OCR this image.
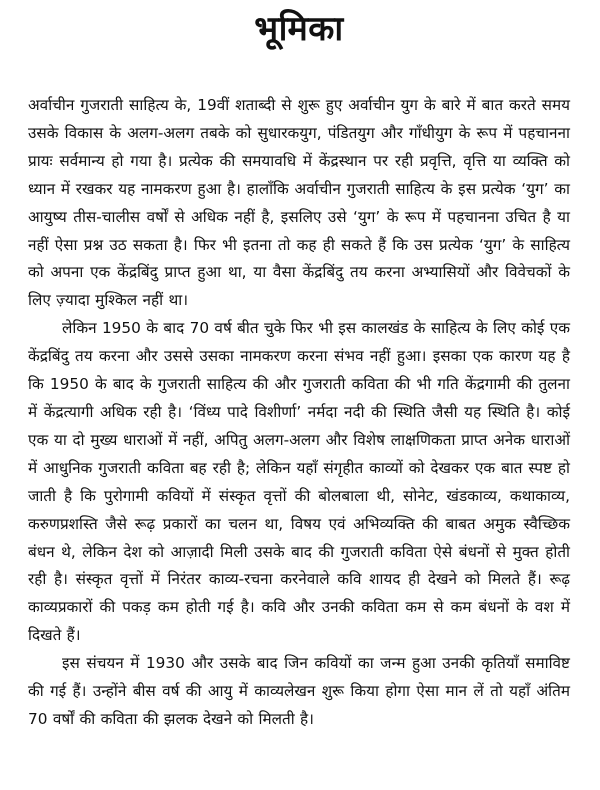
भूमिका

अर्वाचीन गुजराती साहित्य के, 19वीं शताब्दी से शुरू हुए अर्वाचीन युग के बारे में बात करते समय उसके विकास के अलग-अलग तबके को सुधारकयुग, पंडितयुग और गाँधीयुग के रूप में पहचानना प्रायः सर्वमान्य हो गया है। प्रत्येक की समयावधि में केंद्रस्थान पर रही प्रवृत्ति, वृत्ति या व्यक्ति को ध्यान में रखकर यह नामकरण हुआ है। हालाँकि अर्वाचीन गुजराती साहित्य के इस प्रत्येक ‘युग’ का आयुष्य तीस-चालीस वर्षों से अधिक नहीं है, इसलिए उसे ‘युग’ के रूप में पहचानना उचित है या नहीं ऐसा प्रश्न उठ सकता है। फिर भी इतना तो कह ही सकते हैं कि उस प्रत्येक ‘युग’ के साहित्य को अपना एक केंद्रबिंदु प्राप्त हुआ था, या वैसा केंद्रबिंदु तय करना अभ्यासियों और विवेचकों के लिए ज़्यादा मुश्किल नहीं था।

लेकिन 1950 के बाद 70 वर्ष बीत चुके फिर भी इस कालखंड के साहित्य के लिए कोई एक केंद्रबिंदु तय करना और उससे उसका नामकरण करना संभव नहीं हुआ। इसका एक कारण यह है कि 1950 के बाद के गुजराती साहित्य की और गुजराती कविता की भी गति केंद्रगामी की तुलना में केंद्रत्यागी अधिक रही है। ‘विंध्य पादे विशीर्णा’ नर्मदा नदी की स्थिति जैसी यह स्थिति है। कोई एक या दो मुख्य धाराओं में नहीं, अपितु अलग-अलग और विशेष लाक्षणिकता प्राप्त अनेक धाराओं में आधुनिक गुजराती कविता बह रही है; लेकिन यहाँ संगृहीत काव्यों को देखकर एक बात स्पष्ट हो जाती है कि पुरोगामी कवियों में संस्कृत वृत्तों की बोलबाला थी, सोनेट, खंडकाव्य, कथाकाव्य, करुणप्रशस्ति जैसे रूढ़ प्रकारों का चलन था, विषय एवं अभिव्यक्ति की बाबत अमुक स्वैच्छिक बंधन थे, लेकिन देश को आज़ादी मिली उसके बाद की गुजराती कविता ऐसे बंधनों से मुक्त होती रही है। संस्कृत वृत्तों में निरंतर काव्य-रचना करनेवाले कवि शायद ही देखने को मिलते हैं। रूढ़ काव्यप्रकारों की पकड़ कम होती गई है। कवि और उनकी कविता कम से कम बंधनों के वश में दिखते हैं।

इस संचयन में 1930 और उसके बाद जिन कवियों का जन्म हुआ उनकी कृतियाँ समाविष्ट की गई हैं। उन्होंने बीस वर्ष की आयु में काव्यलेखन शुरू किया होगा ऐसा मान लें तो यहाँ अंतिम 70 वर्षों की कविता की झलक देखने को मिलती है।
